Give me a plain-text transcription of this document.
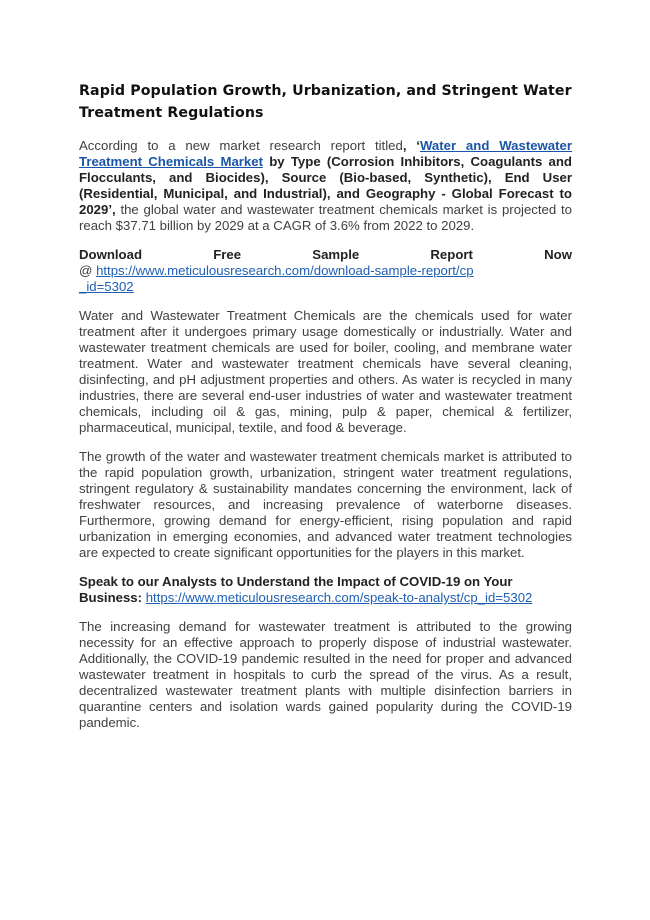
Rapid Population Growth, Urbanization, and Stringent Water Treatment Regulations

According to a new market research report titled, ‘Water and Wastewater Treatment Chemicals Market by Type (Corrosion Inhibitors, Coagulants and Flocculants, and Biocides), Source (Bio-based, Synthetic), End User (Residential, Municipal, and Industrial), and Geography - Global Forecast to 2029’, the global water and wastewater treatment chemicals market is projected to reach $37.71 billion by 2029 at a CAGR of 3.6% from 2022 to 2029.

Download	Free	Sample	Report	Now
@ https://www.meticulousresearch.com/download-sample-report/cp_id=5302

Water and Wastewater Treatment Chemicals are the chemicals used for water treatment after it undergoes primary usage domestically or industrially. Water and wastewater treatment chemicals are used for boiler, cooling, and membrane water treatment. Water and wastewater treatment chemicals have several cleaning, disinfecting, and pH adjustment properties and others. As water is recycled in many industries, there are several end-user industries of water and wastewater treatment chemicals, including oil & gas, mining, pulp & paper, chemical & fertilizer, pharmaceutical, municipal, textile, and food & beverage.

The growth of the water and wastewater treatment chemicals market is attributed to the rapid population growth, urbanization, stringent water treatment regulations, stringent regulatory & sustainability mandates concerning the environment, lack of freshwater resources, and increasing prevalence of waterborne diseases. Furthermore, growing demand for energy-efficient, rising population and rapid urbanization in emerging economies, and advanced water treatment technologies are expected to create significant opportunities for the players in this market.

Speak to our Analysts to Understand the Impact of COVID-19 on Your Business: https://www.meticulousresearch.com/speak-to-analyst/cp_id=5302

The increasing demand for wastewater treatment is attributed to the growing necessity for an effective approach to properly dispose of industrial wastewater. Additionally, the COVID-19 pandemic resulted in the need for proper and advanced wastewater treatment in hospitals to curb the spread of the virus. As a result, decentralized wastewater treatment plants with multiple disinfection barriers in quarantine centers and isolation wards gained popularity during the COVID-19 pandemic.
